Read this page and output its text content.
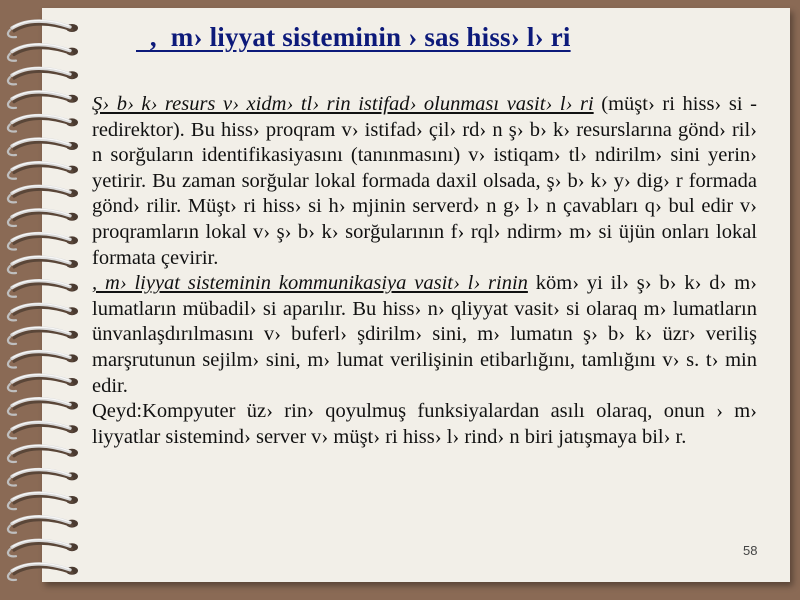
,  m› liyyat sisteminin › sas hiss› l› ri

Ş› b› k› resurs v› xidm› tl› rin istifad› olunması vasit› l› ri (müşt› ri hiss› si -redirektor). Bu hiss› proqram v› istifad› çil› rd› n ş› b› k› resurslarına gönd› ril› n sorğuların identifikasiyasını (tanınmasını) v› istiqam› tl› ndirilm› sini yerin› yetirir. Bu zaman sorğular lokal formada daxil olsada, ş› b› k› y› dig› r formada gönd› rilir. Müşt› ri hiss› si h› mjinin serverd› n g› l› n çavabları q› bul edir v› proqramların lokal v› ş› b› k› sorğularının f› rql› ndirm› m› si üjün onları lokal formata çevirir.

, m› liyyat sisteminin kommunikasiya vasit› l› rinin köm› yi il› ş› b› k› d› m› lumatların mübadil› si aparılır. Bu hiss› n› qliyyat vasit› si olaraq m› lumatların ünvanlaşdırılmasını v› buferl› şdirilm› sini, m› lumatın ş› b› k› üzr› veriliş marşrutunun sejilm› sini, m› lumat verilişinin etibarlığını, tamlığını v› s. t› min edir.

Qeyd:Kompyuter üz› rin› qoyulmuş funksiyalardan asılı olaraq, onun › m› liyyatlar sistemind› server v› müşt› ri hiss› l› rind› n biri jatışmaya bil› r.

58
